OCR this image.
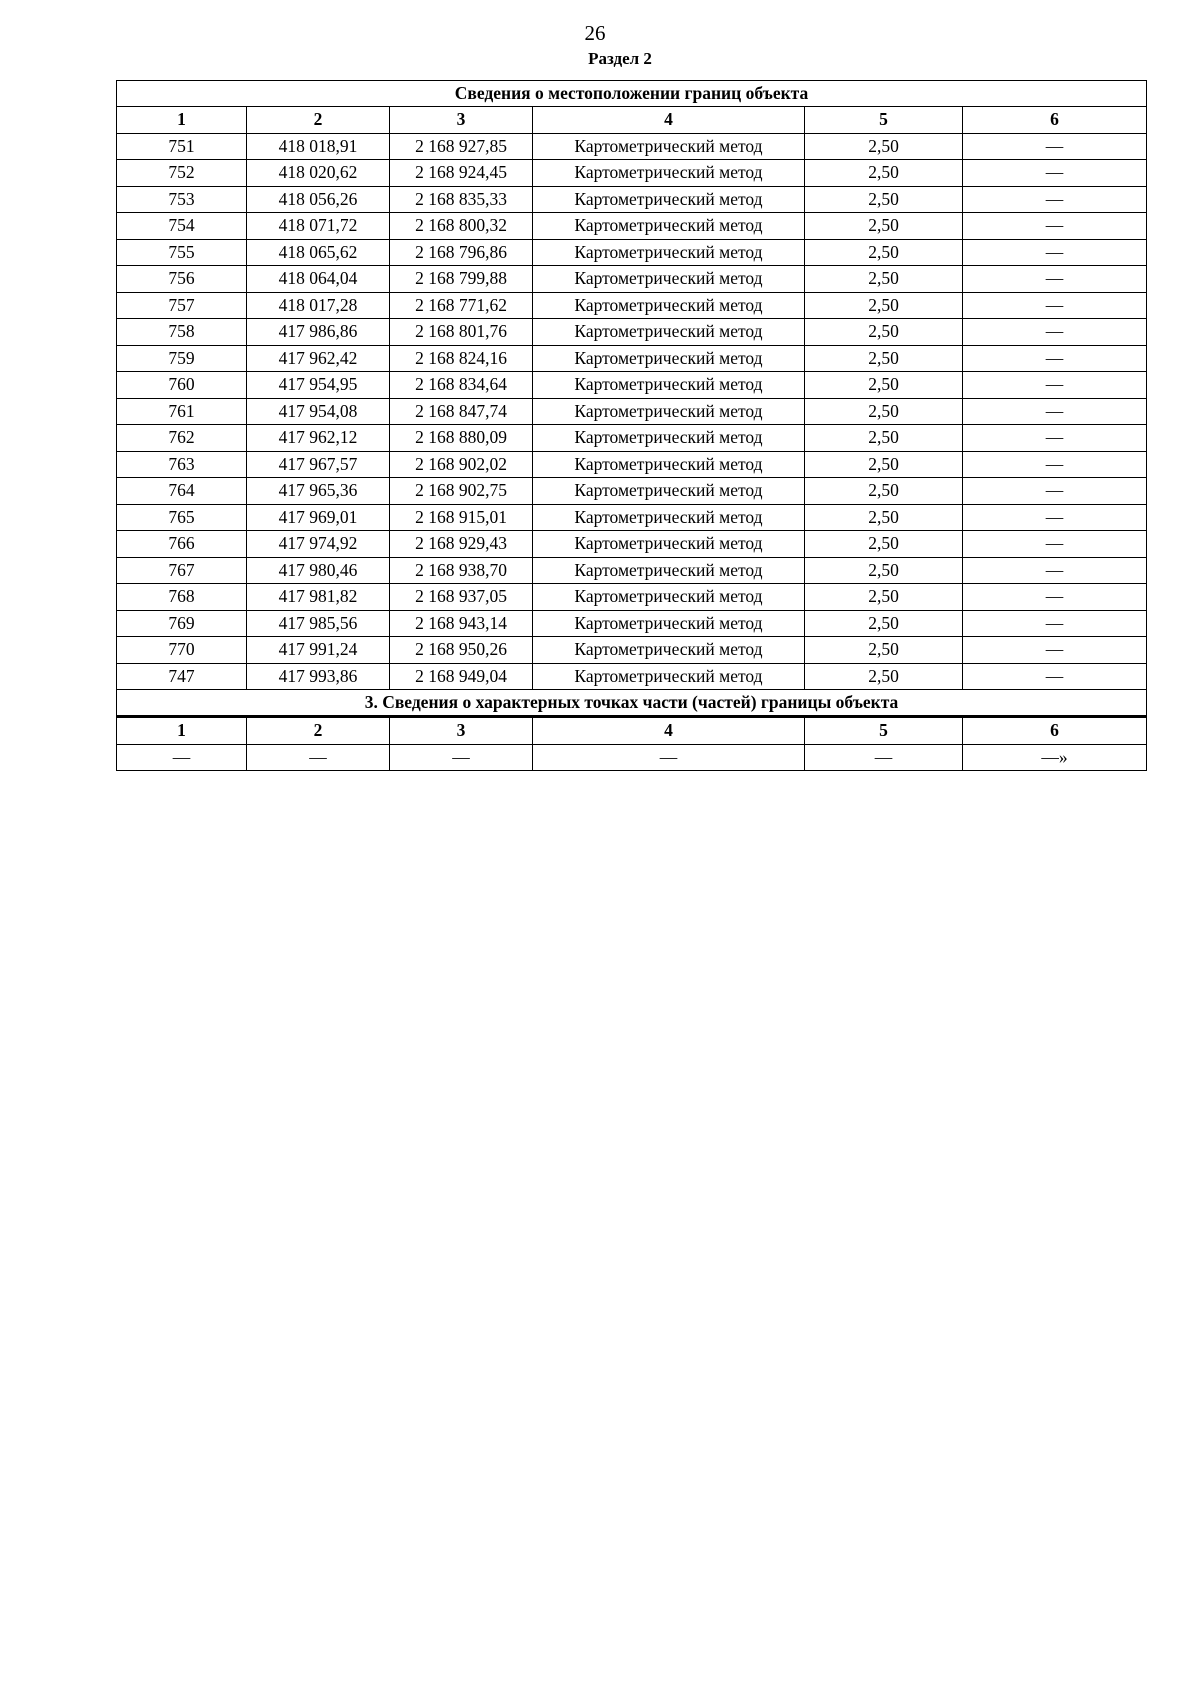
26
Раздел 2
Сведения о местоположении границ объекта					
1	2	3	4	5	6
751	418 018,91	2 168 927,85	Картометрический метод	2,50	—
752	418 020,62	2 168 924,45	Картометрический метод	2,50	—
753	418 056,26	2 168 835,33	Картометрический метод	2,50	—
754	418 071,72	2 168 800,32	Картометрический метод	2,50	—
755	418 065,62	2 168 796,86	Картометрический метод	2,50	—
756	418 064,04	2 168 799,88	Картометрический метод	2,50	—
757	418 017,28	2 168 771,62	Картометрический метод	2,50	—
758	417 986,86	2 168 801,76	Картометрический метод	2,50	—
759	417 962,42	2 168 824,16	Картометрический метод	2,50	—
760	417 954,95	2 168 834,64	Картометрический метод	2,50	—
761	417 954,08	2 168 847,74	Картометрический метод	2,50	—
762	417 962,12	2 168 880,09	Картометрический метод	2,50	—
763	417 967,57	2 168 902,02	Картометрический метод	2,50	—
764	417 965,36	2 168 902,75	Картометрический метод	2,50	—
765	417 969,01	2 168 915,01	Картометрический метод	2,50	—
766	417 974,92	2 168 929,43	Картометрический метод	2,50	—
767	417 980,46	2 168 938,70	Картометрический метод	2,50	—
768	417 981,82	2 168 937,05	Картометрический метод	2,50	—
769	417 985,56	2 168 943,14	Картометрический метод	2,50	—
770	417 991,24	2 168 950,26	Картометрический метод	2,50	—
747	417 993,86	2 168 949,04	Картометрический метод	2,50	—
3. Сведения о характерных точках части (частей) границы объекта					
1	2	3	4	5	6
—	—	—	—	—	—»
